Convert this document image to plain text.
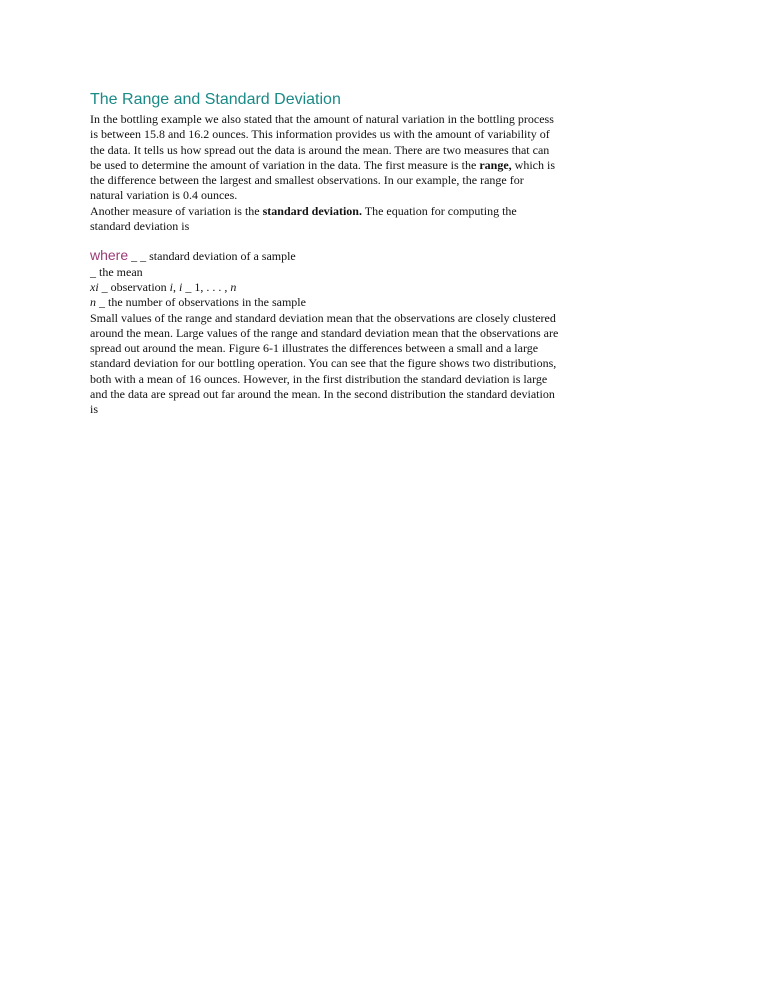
The Range and Standard Deviation

In the bottling example we also stated that the amount of natural variation in the bottling process is between 15.8 and 16.2 ounces. This information provides us with the amount of variability of the data. It tells us how spread out the data is around the mean. There are two measures that can be used to determine the amount of variation in the data. The first measure is the range, which is the difference between the largest and smallest observations. In our example, the range for natural variation is 0.4 ounces.

Another measure of variation is the standard deviation. The equation for computing the standard deviation is

where _ _ standard deviation of a sample

_ the mean

xi _ observation i, i _ 1, . . . , n

n _ the number of observations in the sample

Small values of the range and standard deviation mean that the observations are closely clustered around the mean. Large values of the range and standard deviation mean that the observations are spread out around the mean. Figure 6-1 illustrates the differences between a small and a large standard deviation for our bottling operation. You can see that the figure shows two distributions, both with a mean of 16 ounces. However, in the first distribution the standard deviation is large and the data are spread out far around the mean. In the second distribution the standard deviation is
